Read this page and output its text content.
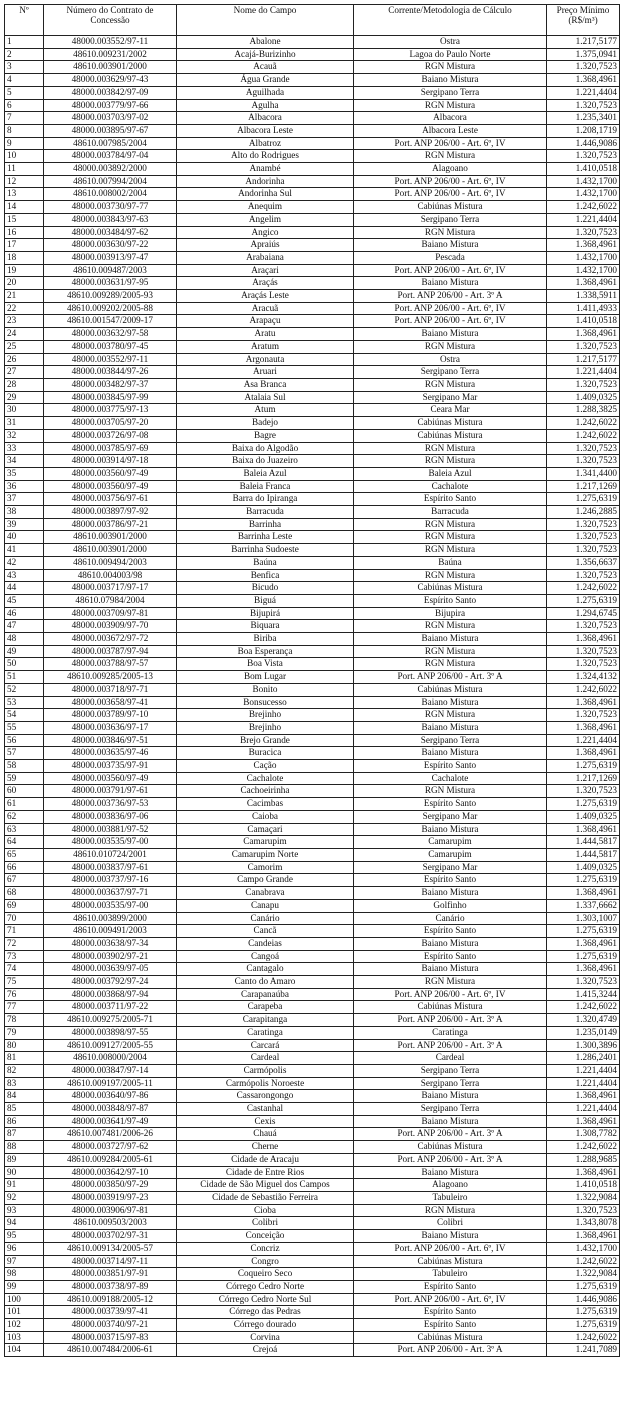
Nº	Número do Contrato de Concessão	Nome do Campo	Corrente/Metodologia de Cálculo	Preço Mínimo (R$/m³)
1	48000.003552/97-11	Abalone	Ostra	1.217,5177
2	48610.009231/2002	Acajá-Burizinho	Lagoa do Paulo Norte	1.375,0941
3	48610.003901/2000	Acauã	RGN Mistura	1.320,7523
4	48000.003629/97-43	Água Grande	Baiano Mistura	1.368,4961
5	48000.003842/97-09	Aguilhada	Sergipano Terra	1.221,4404
6	48000.003779/97-66	Agulha	RGN Mistura	1.320,7523
7	48000.003703/97-02	Albacora	Albacora	1.235,3401
8	48000.003895/97-67	Albacora Leste	Albacora Leste	1.208,1719
9	48610.007985/2004	Albatroz	Port. ANP 206/00 - Art. 6º, IV	1.446,9086
10	48000.003784/97-04	Alto do Rodrigues	RGN Mistura	1.320,7523
11	48000.003892/2000	Anambé	Alagoano	1.410,0518
12	48610.007994/2004	Andorinha	Port. ANP 206/00 - Art. 6º, IV	1.432,1700
13	48610.008002/2004	Andorinha Sul	Port. ANP 206/00 - Art. 6º, IV	1.432,1700
14	48000.003730/97-77	Anequim	Cabiúnas Mistura	1.242,6022
15	48000.003843/97-63	Angelim	Sergipano Terra	1.221,4404
16	48000.003484/97-62	Angico	RGN Mistura	1.320,7523
17	48000.003630/97-22	Apraiús	Baiano Mistura	1.368,4961
18	48000.003913/97-47	Arabaiana	Pescada	1.432,1700
19	48610.009487/2003	Araçari	Port. ANP 206/00 - Art. 6º, IV	1.432,1700
20	48000.003631/97-95	Araçás	Baiano Mistura	1.368,4961
21	48610.009289/2005-93	Araçás Leste	Port. ANP 206/00 - Art. 3º A	1.338,5911
22	48610.009202/2005-88	Aracuã	Port. ANP 206/00 - Art. 6º, IV	1.411,4933
23	48610.001547/2009-17	Arapaçu	Port. ANP 206/00 - Art. 6º, IV	1.410,0518
24	48000.003632/97-58	Aratu	Baiano Mistura	1.368,4961
25	48000.003780/97-45	Aratum	RGN Mistura	1.320,7523
26	48000.003552/97-11	Argonauta	Ostra	1.217,5177
27	48000.003844/97-26	Aruari	Sergipano Terra	1.221,4404
28	48000.003482/97-37	Asa Branca	RGN Mistura	1.320,7523
29	48000.003845/97-99	Atalaia Sul	Sergipano Mar	1.409,0325
30	48000.003775/97-13	Atum	Ceara Mar	1.288,3825
31	48000.003705/97-20	Badejo	Cabiúnas Mistura	1.242,6022
32	48000.003726/97-08	Bagre	Cabiúnas Mistura	1.242,6022
33	48000.003785/97-69	Baixa do Algodão	RGN Mistura	1.320,7523
34	48000.003914/97-18	Baixa do Juazeiro	RGN Mistura	1.320,7523
35	48000.003560/97-49	Baleia Azul	Baleia Azul	1.341,4400
36	48000.003560/97-49	Baleia Franca	Cachalote	1.217,1269
37	48000.003756/97-61	Barra do Ipiranga	Espírito Santo	1.275,6319
38	48000.003897/97-92	Barracuda	Barracuda	1.246,2885
39	48000.003786/97-21	Barrinha	RGN Mistura	1.320,7523
40	48610.003901/2000	Barrinha Leste	RGN Mistura	1.320,7523
41	48610.003901/2000	Barrinha Sudoeste	RGN Mistura	1.320,7523
42	48610.009494/2003	Baúna	Baúna	1.356,6637
43	48610.004003/98	Benfica	RGN Mistura	1.320,7523
44	48000.003717/97-17	Bicudo	Cabiúnas Mistura	1.242,6022
45	48610.07984/2004	Biguá	Espírito Santo	1.275,6319
46	48000.003709/97-81	Bijupirá	Bijupira	1.294,6745
47	48000.003909/97-70	Biquara	RGN Mistura	1.320,7523
48	48000.003672/97-72	Biriba	Baiano Mistura	1.368,4961
49	48000.003787/97-94	Boa Esperança	RGN Mistura	1.320,7523
50	48000.003788/97-57	Boa Vista	RGN Mistura	1.320,7523
51	48610.009285/2005-13	Bom Lugar	Port. ANP 206/00 - Art. 3º A	1.324,4132
52	48000.003718/97-71	Bonito	Cabiúnas Mistura	1.242,6022
53	48000.003658/97-41	Bonsucesso	Baiano Mistura	1.368,4961
54	48000.003789/97-10	Brejinho	RGN Mistura	1.320,7523
55	48000.003636/97-17	Brejinho	Baiano Mistura	1.368,4961
56	48000.003846/97-51	Brejo Grande	Sergipano Terra	1.221,4404
57	48000.003635/97-46	Buracica	Baiano Mistura	1.368,4961
58	48000.003735/97-91	Cação	Espírito Santo	1.275,6319
59	48000.003560/97-49	Cachalote	Cachalote	1.217,1269
60	48000.003791/97-61	Cachoeirinha	RGN Mistura	1.320,7523
61	48000.003736/97-53	Cacimbas	Espírito Santo	1.275,6319
62	48000.003836/97-06	Caioba	Sergipano Mar	1.409,0325
63	48000.003881/97-52	Camaçari	Baiano Mistura	1.368,4961
64	48000.003535/97-00	Camarupim	Camarupim	1.444,5817
65	48610.010724/2001	Camarupim Norte	Camarupim	1.444,5817
66	48000.003837/97-61	Camorim	Sergipano Mar	1.409,0325
67	48000.003737/97-16	Campo Grande	Espírito Santo	1.275,6319
68	48000.003637/97-71	Canabrava	Baiano Mistura	1.368,4961
69	48000.003535/97-00	Canapu	Golfinho	1.337,6662
70	48610.003899/2000	Canário	Canário	1.303,1007
71	48610.009491/2003	Cancã	Espírito Santo	1.275,6319
72	48000.003638/97-34	Candeias	Baiano Mistura	1.368,4961
73	48000.003902/97-21	Cangoá	Espírito Santo	1.275,6319
74	48000.003639/97-05	Cantagalo	Baiano Mistura	1.368,4961
75	48000.003792/97-24	Canto do Amaro	RGN Mistura	1.320,7523
76	48000.003868/97-94	Carapanaúba	Port. ANP 206/00 - Art. 6º, IV	1.415,3244
77	48000.003711/97-22	Carapeba	Cabiúnas Mistura	1.242,6022
78	48610.009275/2005-71	Carapitanga	Port. ANP 206/00 - Art. 3º A	1.320,4749
79	48000.003898/97-55	Caratinga	Caratinga	1.235,0149
80	48610.009127/2005-55	Carcará	Port. ANP 206/00 - Art. 3º A	1.300,3896
81	48610.008000/2004	Cardeal	Cardeal	1.286,2401
82	48000.003847/97-14	Carmópolis	Sergipano Terra	1.221,4404
83	48610.009197/2005-11	Carmópolis Noroeste	Sergipano Terra	1.221,4404
84	48000.003640/97-86	Cassarongongo	Baiano Mistura	1.368,4961
85	48000.003848/97-87	Castanhal	Sergipano Terra	1.221,4404
86	48000.003641/97-49	Cexis	Baiano Mistura	1.368,4961
87	48610.007481/2006-26	Chauá	Port. ANP 206/00 - Art. 3º A	1.308,7782
88	48000.003727/97-62	Cherne	Cabiúnas Mistura	1.242,6022
89	48610.009284/2005-61	Cidade de Aracaju	Port. ANP 206/00 - Art. 3º A	1.288,9685
90	48000.003642/97-10	Cidade de Entre Rios	Baiano Mistura	1.368,4961
91	48000.003850/97-29	Cidade de São Miguel dos Campos	Alagoano	1.410,0518
92	48000.003919/97-23	Cidade de Sebastião Ferreira	Tabuleiro	1.322,9084
93	48000.003906/97-81	Cioba	RGN Mistura	1.320,7523
94	48610.009503/2003	Colibri	Colibri	1.343,8078
95	48000.003702/97-31	Conceição	Baiano Mistura	1.368,4961
96	48610.009134/2005-57	Concriz	Port. ANP 206/00 - Art. 6º, IV	1.432,1700
97	48000.003714/97-11	Congro	Cabiúnas Mistura	1.242,6022
98	48000.003851/97-91	Coqueiro Seco	Tabuleiro	1.322,9084
99	48000.003738/97-89	Córrego Cedro Norte	Espírito Santo	1.275,6319
100	48610.009188/2005-12	Córrego Cedro Norte Sul	Port. ANP 206/00 - Art. 6º, IV	1.446,9086
101	48000.003739/97-41	Córrego das Pedras	Espírito Santo	1.275,6319
102	48000.003740/97-21	Córrego dourado	Espírito Santo	1.275,6319
103	48000.003715/97-83	Corvina	Cabiúnas Mistura	1.242,6022
104	48610.007484/2006-61	Crejoá	Port. ANP 206/00 - Art. 3º A	1.241,7089
